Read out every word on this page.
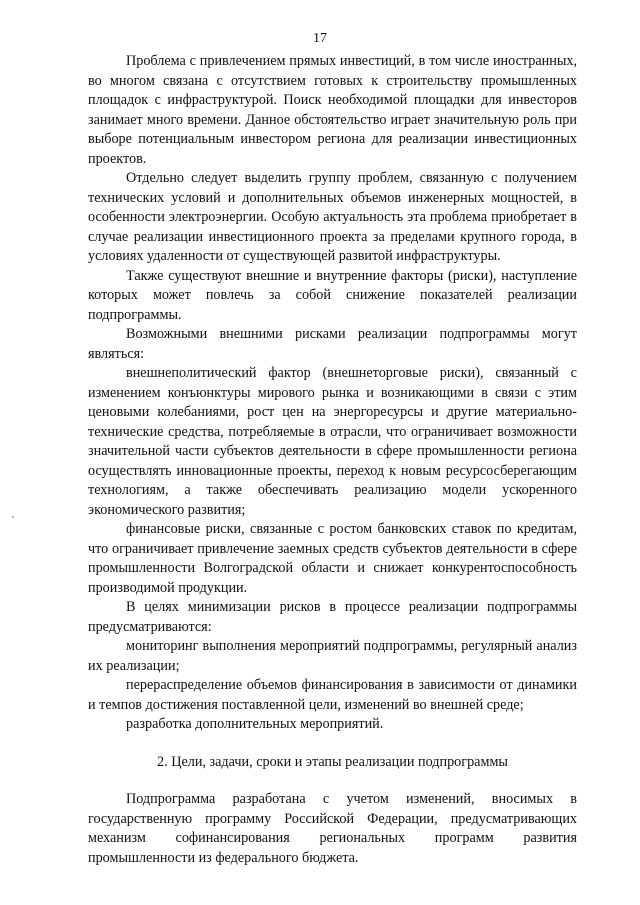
17

Проблема с привлечением прямых инвестиций, в том числе иностранных, во многом связана с отсутствием готовых к строительству промышленных площадок с инфраструктурой. Поиск необходимой площадки для инвесторов занимает много времени. Данное обстоятельство играет значительную роль при выборе потенциальным инвестором региона для реализации инвестиционных проектов.

Отдельно следует выделить группу проблем, связанную с получением технических условий и дополнительных объемов инженерных мощностей, в особенности электроэнергии. Особую актуальность эта проблема приобретает в случае реализации инвестиционного проекта за пределами крупного города, в условиях удаленности от существующей развитой инфраструктуры.

Также существуют внешние и внутренние факторы (риски), наступление которых может повлечь за собой снижение показателей реализации подпрограммы.

Возможными внешними рисками реализации подпрограммы могут являться:

внешнеполитический фактор (внешнеторговые риски), связанный с изменением конъюнктуры мирового рынка и возникающими в связи с этим ценовыми колебаниями, рост цен на энергоресурсы и другие материально-технические средства, потребляемые в отрасли, что ограничивает возможности значительной части субъектов деятельности в сфере промышленности региона осуществлять инновационные проекты, переход к новым ресурсосберегающим технологиям, а также обеспечивать реализацию модели ускоренного экономического развития;

финансовые риски, связанные с ростом банковских ставок по кредитам, что ограничивает привлечение заемных средств субъектов деятельности в сфере промышленности Волгоградской области и снижает конкурентоспособность производимой продукции.

В целях минимизации рисков в процессе реализации подпрограммы предусматриваются:

мониторинг выполнения мероприятий подпрограммы, регулярный анализ их реализации;

перераспределение объемов финансирования в зависимости от динамики и темпов достижения поставленной цели, изменений во внешней среде;

разработка дополнительных мероприятий.

2. Цели, задачи, сроки и этапы реализации подпрограммы

Подпрограмма разработана с учетом изменений, вносимых в государственную программу Российской Федерации, предусматривающих механизм софинансирования региональных программ развития промышленности из федерального бюджета.
